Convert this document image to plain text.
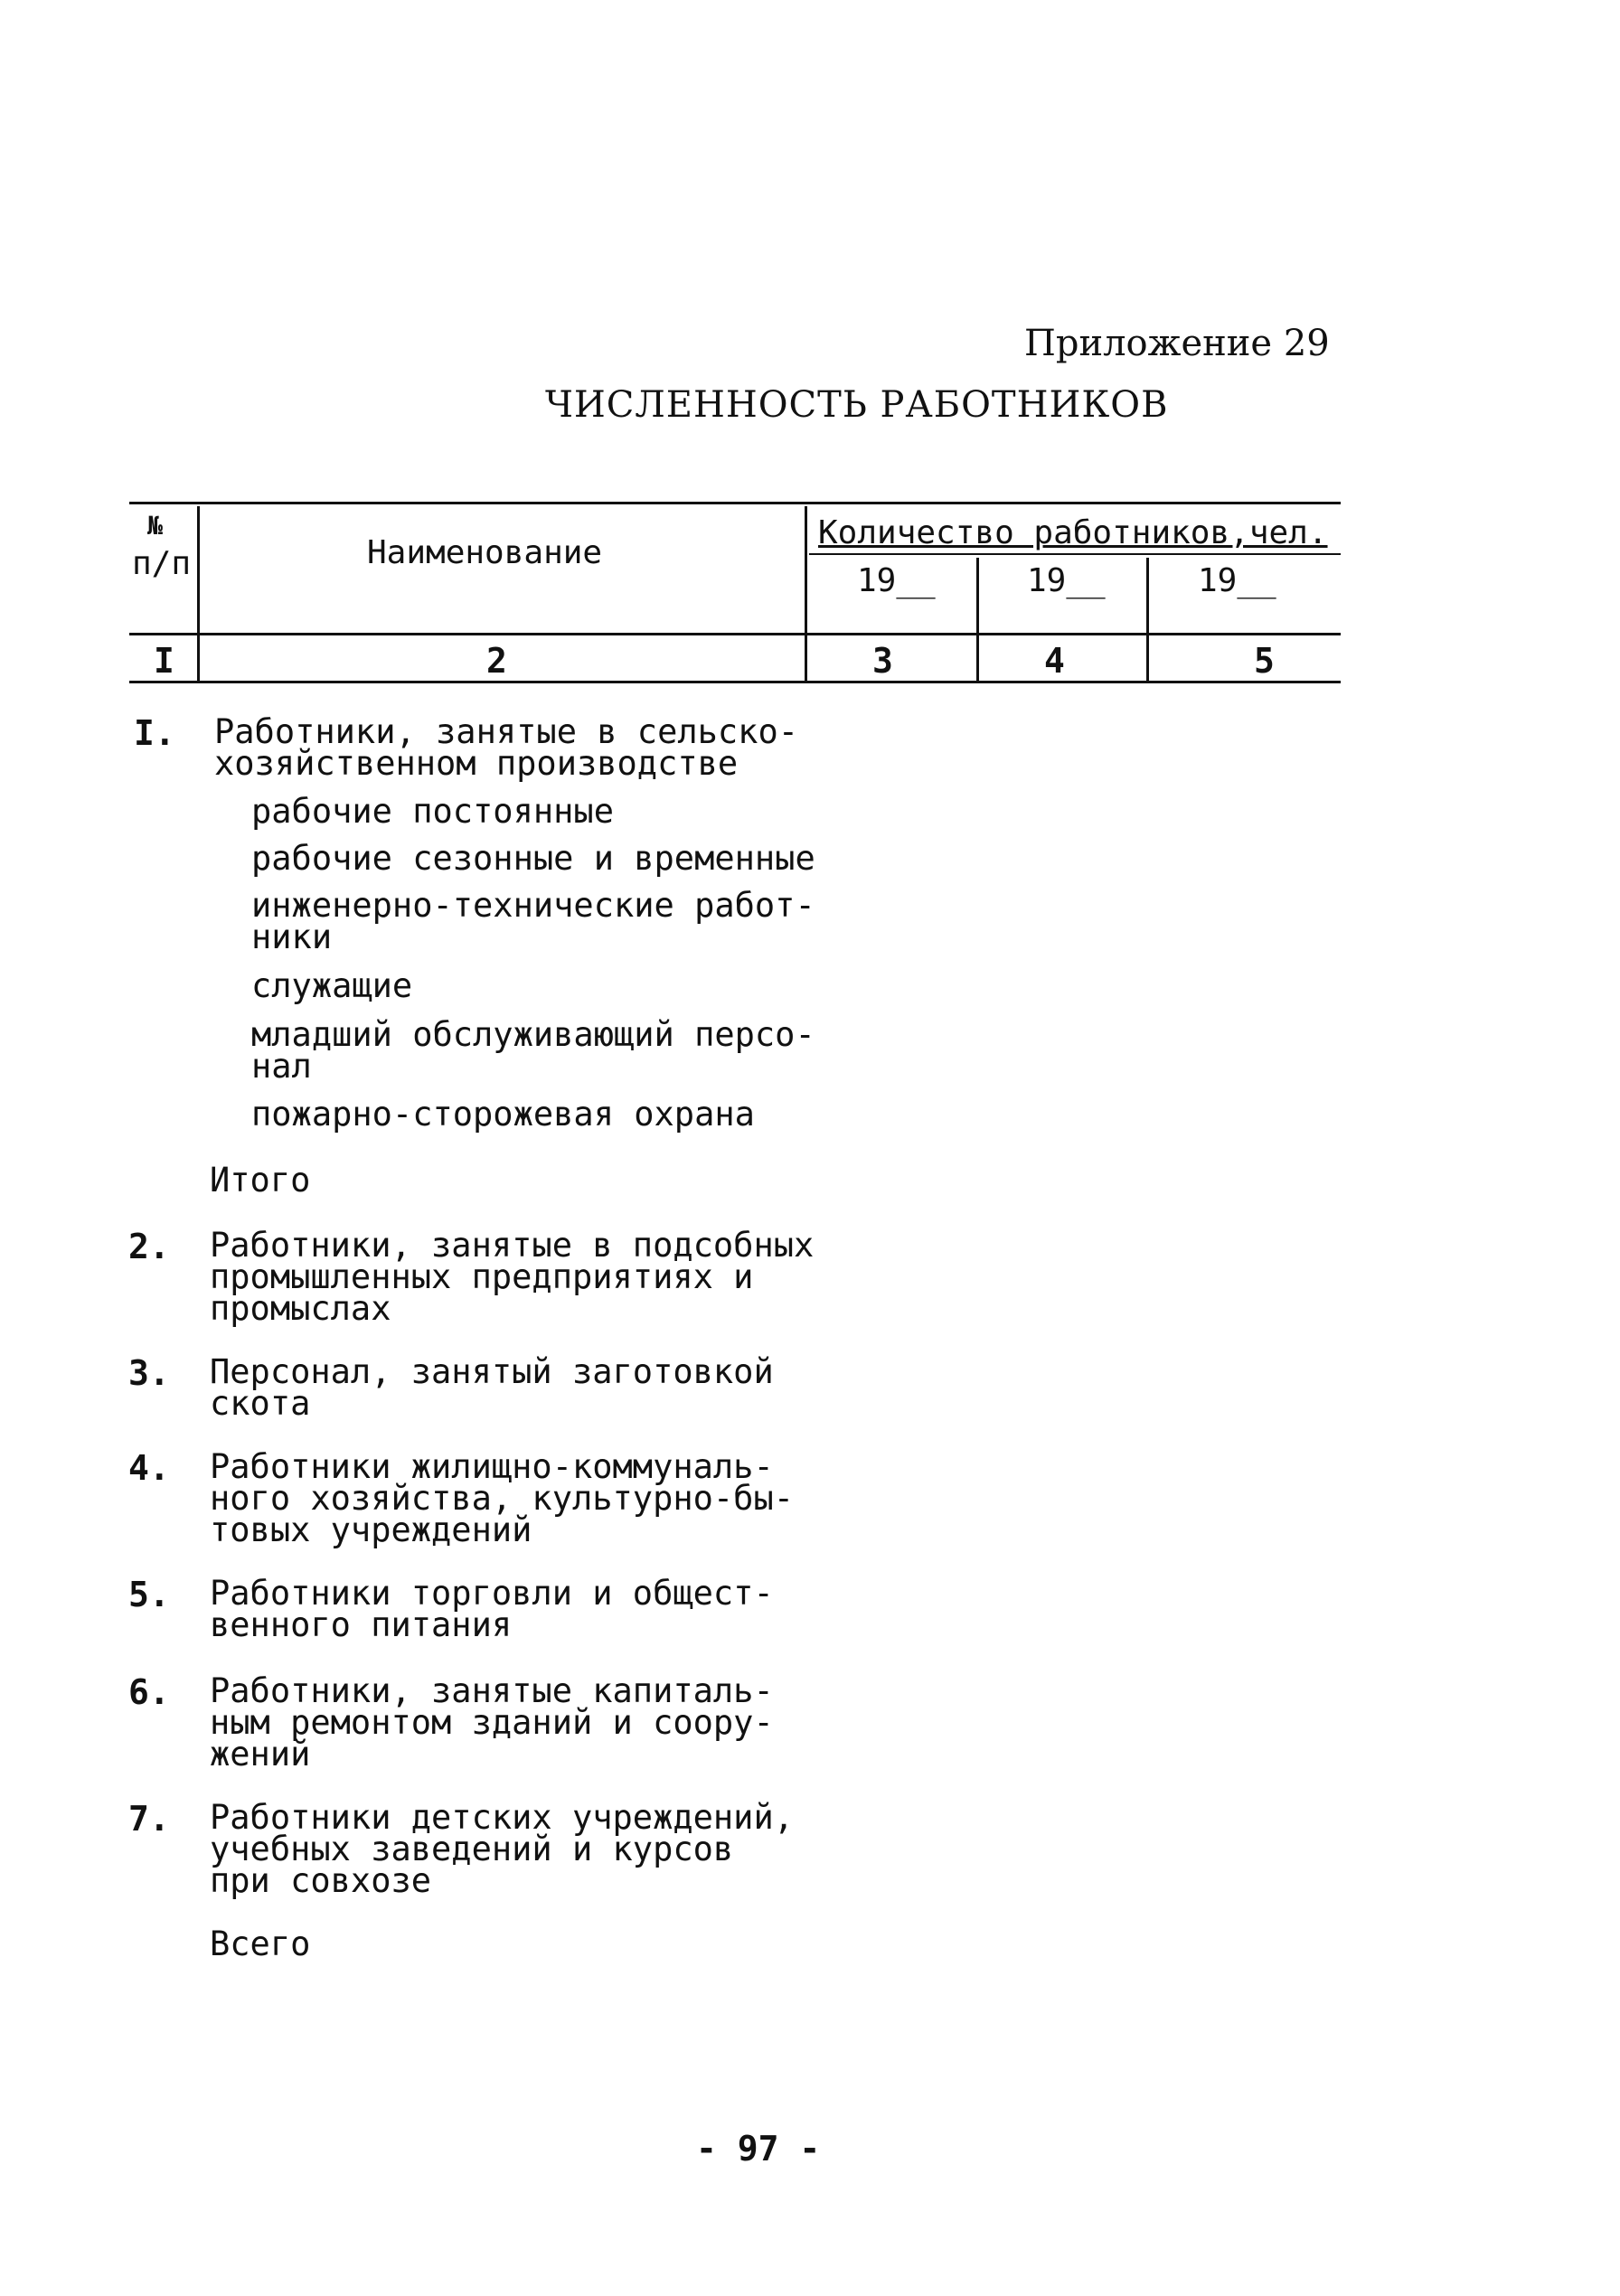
Приложение 29
ЧИСЛЕННОСТЬ РАБОТНИКОВ
№
п/п	Наименование
Количество работников,чел.
19__	19__	19__
I	2	3	4	5
I. Работники, занятые в сельско-
хозяйственном производстве
рабочие постоянные
рабочие сезонные и временные
инженерно-технические работ-
ники
служащие
младший обслуживающий персо-
нал
пожарно-сторожевая охрана
Итого
2. Работники, занятые в подсобных
промышленных предприятиях и
промыслах
3. Персонал, занятый заготовкой
скота
4. Работники жилищно-коммуналь-
ного хозяйства, культурно-бы-
товых учреждений
5. Работники торговли и общест-
венного питания
6. Работники, занятые капиталь-
ным ремонтом зданий и соору-
жений
7. Работники детских учреждений,
учебных заведений и курсов
при совхозе
Всего
- 97 -
